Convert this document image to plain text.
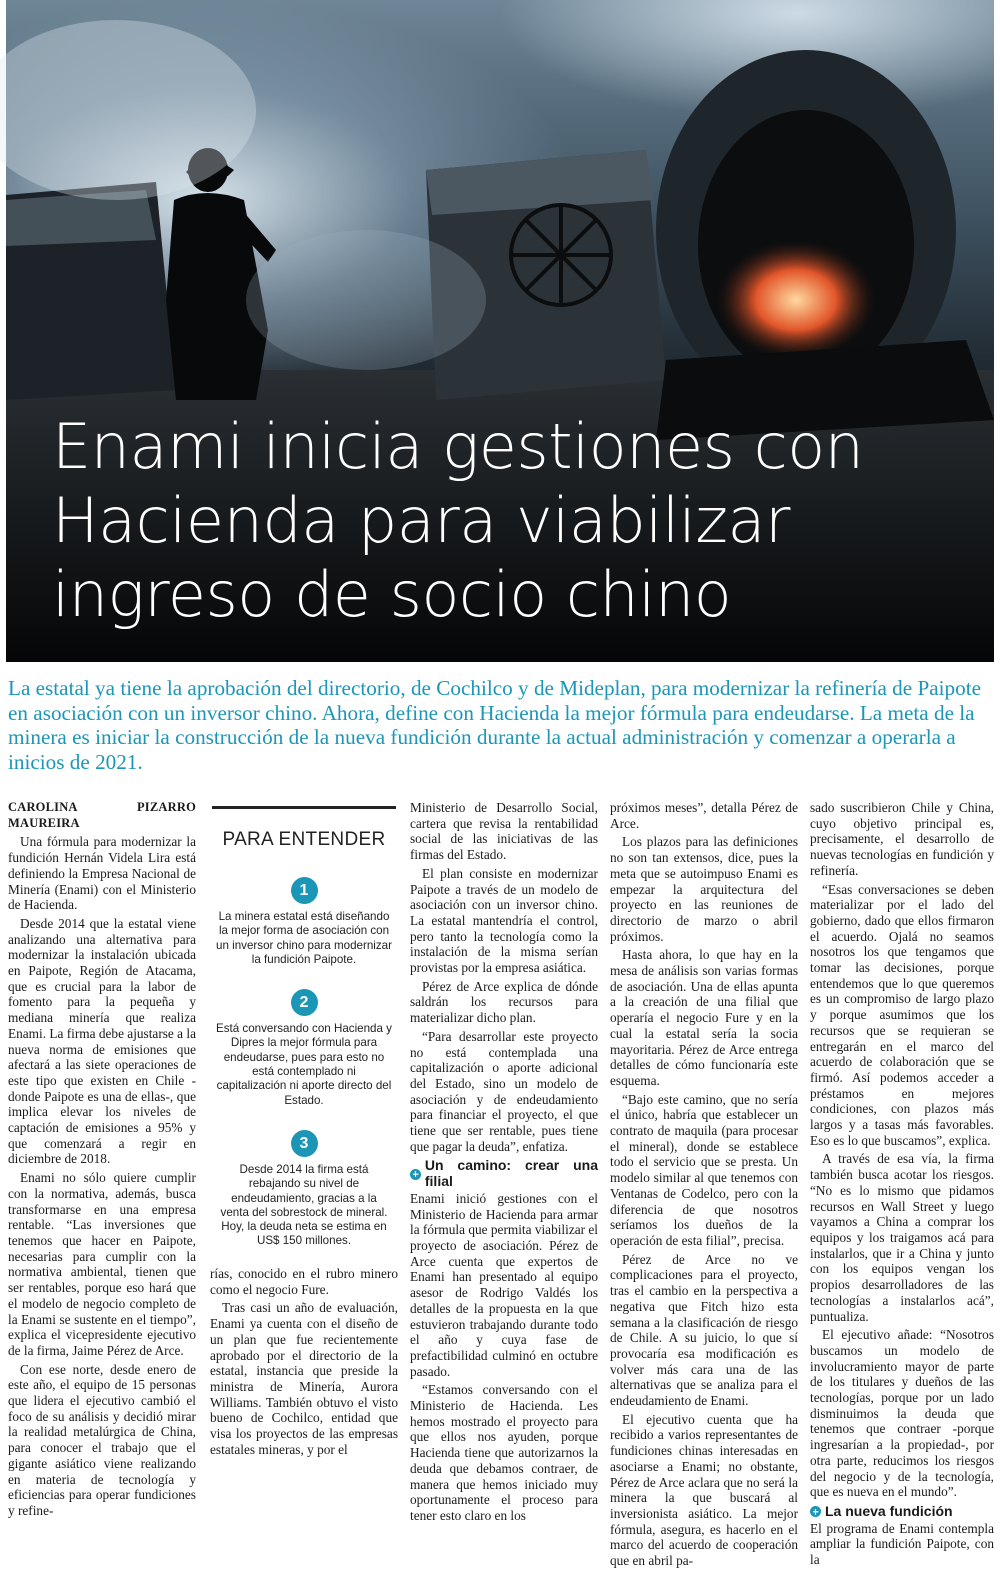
Enami inicia gestiones con Hacienda para viabilizar ingreso de socio chino
La estatal ya tiene la aprobación del directorio, de Cochilco y de Mideplan, para modernizar la refinería de Paipote en asociación con un inversor chino. Ahora, define con Hacienda la mejor fórmula para endeudarse. La meta de la minera es iniciar la construcción de la nueva fundición durante la actual administración y comenzar a operarla a inicios de 2021.

CAROLINA PIZARRO MAUREIRA

Una fórmula para modernizar la fundición Hernán Videla Lira está definiendo la Empresa Nacional de Minería (Enami) con el Ministerio de Hacienda.

Desde 2014 que la estatal viene analizando una alternativa para modernizar la instalación ubicada en Paipote, Región de Atacama, que es crucial para la labor de fomento para la pequeña y mediana minería que realiza Enami. La firma debe ajustarse a la nueva norma de emisiones que afectará a las siete operaciones de este tipo que existen en Chile -donde Paipote es una de ellas-, que implica elevar los niveles de captación de emisiones a 95% y que comenzará a regir en diciembre de 2018.

Enami no sólo quiere cumplir con la normativa, además, busca transformarse en una empresa rentable. “Las inversiones que tenemos que hacer en Paipote, necesarias para cumplir con la normativa ambiental, tienen que ser rentables, porque eso hará que el modelo de negocio completo de la Enami se sustente en el tiempo”, explica el vicepresidente ejecutivo de la firma, Jaime Pérez de Arce.

Con ese norte, desde enero de este año, el equipo de 15 personas que lidera el ejecutivo cambió el foco de su análisis y decidió mirar la realidad metalúrgica de China, para conocer el trabajo que el gigante asiático viene realizando en materia de tecnología y eficiencias para operar fundiciones y refine-

PARA ENTENDER
1
La minera estatal está diseñando la mejor forma de asociación con un inversor chino para modernizar la fundición Paipote.
2
Está conversando con Hacienda y Dipres la mejor fórmula para endeudarse, pues para esto no está contemplado ni capitalización ni aporte directo del Estado.
3
Desde 2014 la firma está rebajando su nivel de endeudamiento, gracias a la venta del sobrestock de mineral. Hoy, la deuda neta se estima en US$ 150 millones.

rías, conocido en el rubro minero como el negocio Fure.

Tras casi un año de evaluación, Enami ya cuenta con el diseño de un plan que fue recientemente aprobado por el directorio de la estatal, instancia que preside la ministra de Minería, Aurora Williams. También obtuvo el visto bueno de Cochilco, entidad que visa los proyectos de las empresas estatales mineras, y por el

Ministerio de Desarrollo Social, cartera que revisa la rentabilidad social de las iniciativas de las firmas del Estado.

El plan consiste en modernizar Paipote a través de un modelo de asociación con un inversor chino. La estatal mantendría el control, pero tanto la tecnología como la instalación de la misma serían provistas por la empresa asiática.

Pérez de Arce explica de dónde saldrán los recursos para materializar dicho plan.

“Para desarrollar este proyecto no está contemplada una capitalización o aporte adicional del Estado, sino un modelo de asociación y de endeudamiento para financiar el proyecto, el que tiene que ser rentable, pues tiene que pagar la deuda”, enfatiza.

Un camino: crear una filial

Enami inició gestiones con el Ministerio de Hacienda para armar la fórmula que permita viabilizar el proyecto de asociación. Pérez de Arce cuenta que expertos de Enami han presentado al equipo asesor de Rodrigo Valdés los detalles de la propuesta en la que estuvieron trabajando durante todo el año y cuya fase de prefactibilidad culminó en octubre pasado.

“Estamos conversando con el Ministerio de Hacienda. Les hemos mostrado el proyecto para que ellos nos ayuden, porque Hacienda tiene que autorizarnos la deuda que debamos contraer, de manera que hemos iniciado muy oportunamente el proceso para tener esto claro en los

próximos meses”, detalla Pérez de Arce.

Los plazos para las definiciones no son tan extensos, dice, pues la meta que se autoimpuso Enami es empezar la arquitectura del proyecto en las reuniones de directorio de marzo o abril próximos.

Hasta ahora, lo que hay en la mesa de análisis son varias formas de asociación. Una de ellas apunta a la creación de una filial que operaría el negocio Fure y en la cual la estatal sería la socia mayoritaria. Pérez de Arce entrega detalles de cómo funcionaría este esquema.

“Bajo este camino, que no sería el único, habría que establecer un contrato de maquila (para procesar el mineral), donde se establece todo el servicio que se presta. Un modelo similar al que tenemos con Ventanas de Codelco, pero con la diferencia de que nosotros seríamos los dueños de la operación de esta filial”, precisa.

Pérez de Arce no ve complicaciones para el proyecto, tras el cambio en la perspectiva a negativa que Fitch hizo esta semana a la clasificación de riesgo de Chile. A su juicio, lo que sí provocaría esa modificación es volver más cara una de las alternativas que se analiza para el endeudamiento de Enami.

El ejecutivo cuenta que ha recibido a varios representantes de fundiciones chinas interesadas en asociarse a Enami; no obstante, Pérez de Arce aclara que no será la minera la que buscará al inversionista asiático. La mejor fórmula, asegura, es hacerlo en el marco del acuerdo de cooperación que en abril pa-

sado suscribieron Chile y China, cuyo objetivo principal es, precisamente, el desarrollo de nuevas tecnologías en fundición y refinería.

“Esas conversaciones se deben materializar por el lado del gobierno, dado que ellos firmaron el acuerdo. Ojalá no seamos nosotros los que tengamos que tomar las decisiones, porque entendemos que lo que queremos es un compromiso de largo plazo y porque asumimos que los recursos que se requieran se entregarán en el marco del acuerdo de colaboración que se firmó. Así podemos acceder a préstamos en mejores condiciones, con plazos más largos y a tasas más favorables. Eso es lo que buscamos”, explica.

A través de esa vía, la firma también busca acotar los riesgos. “No es lo mismo que pidamos recursos en Wall Street y luego vayamos a China a comprar los equipos y los traigamos acá para instalarlos, que ir a China y junto con los equipos vengan los propios desarrolladores de las tecnologías a instalarlos acá”, puntualiza.

El ejecutivo añade: “Nosotros buscamos un modelo de involucramiento mayor de parte de los titulares y dueños de las tecnologías, porque por un lado disminuimos la deuda que tenemos que contraer -porque ingresarían a la propiedad-, por otra parte, reducimos los riesgos del negocio y de la tecnología, que es nueva en el mundo”.

La nueva fundición

El programa de Enami contempla ampliar la fundición Paipote, con la
